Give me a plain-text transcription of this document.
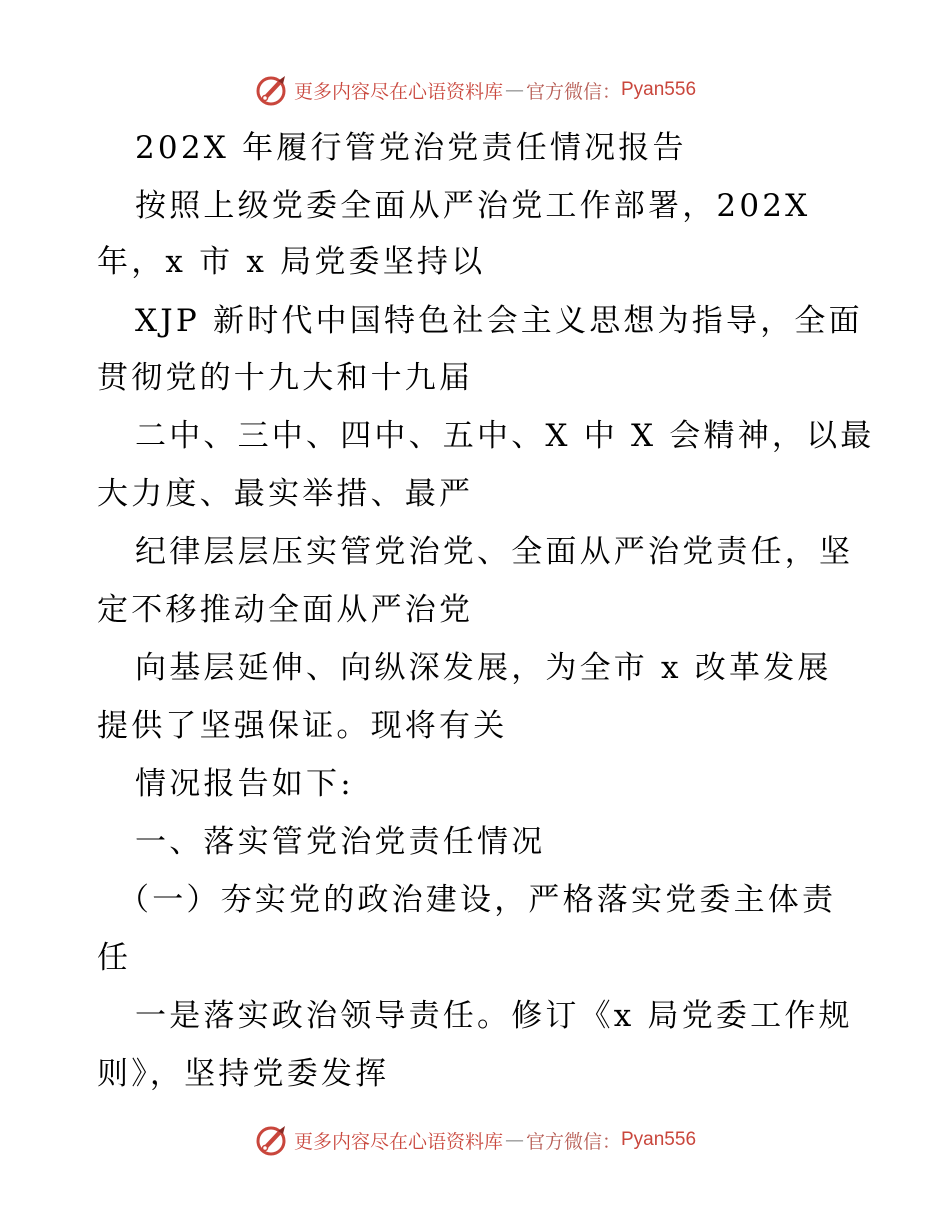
更多内容尽在心语资料库 — 官方微信： Pyan556
202X 年履行管党治党责任情况报告
按照上级党委全面从严治党工作部署，202X
年，x 市 x 局党委坚持以
XJP 新时代中国特色社会主义思想为指导，全面
贯彻党的十九大和十九届
二中、三中、四中、五中、X 中 X 会精神，以最
大力度、最实举措、最严
纪律层层压实管党治党、全面从严治党责任，坚
定不移推动全面从严治党
向基层延伸、向纵深发展，为全市 x 改革发展
提供了坚强保证。现将有关
情况报告如下:
一、落实管党治党责任情况
（一）夯实党的政治建设，严格落实党委主体责
任
一是落实政治领导责任。修订《x 局党委工作规
则》，坚持党委发挥
更多内容尽在心语资料库 — 官方微信： Pyan556
